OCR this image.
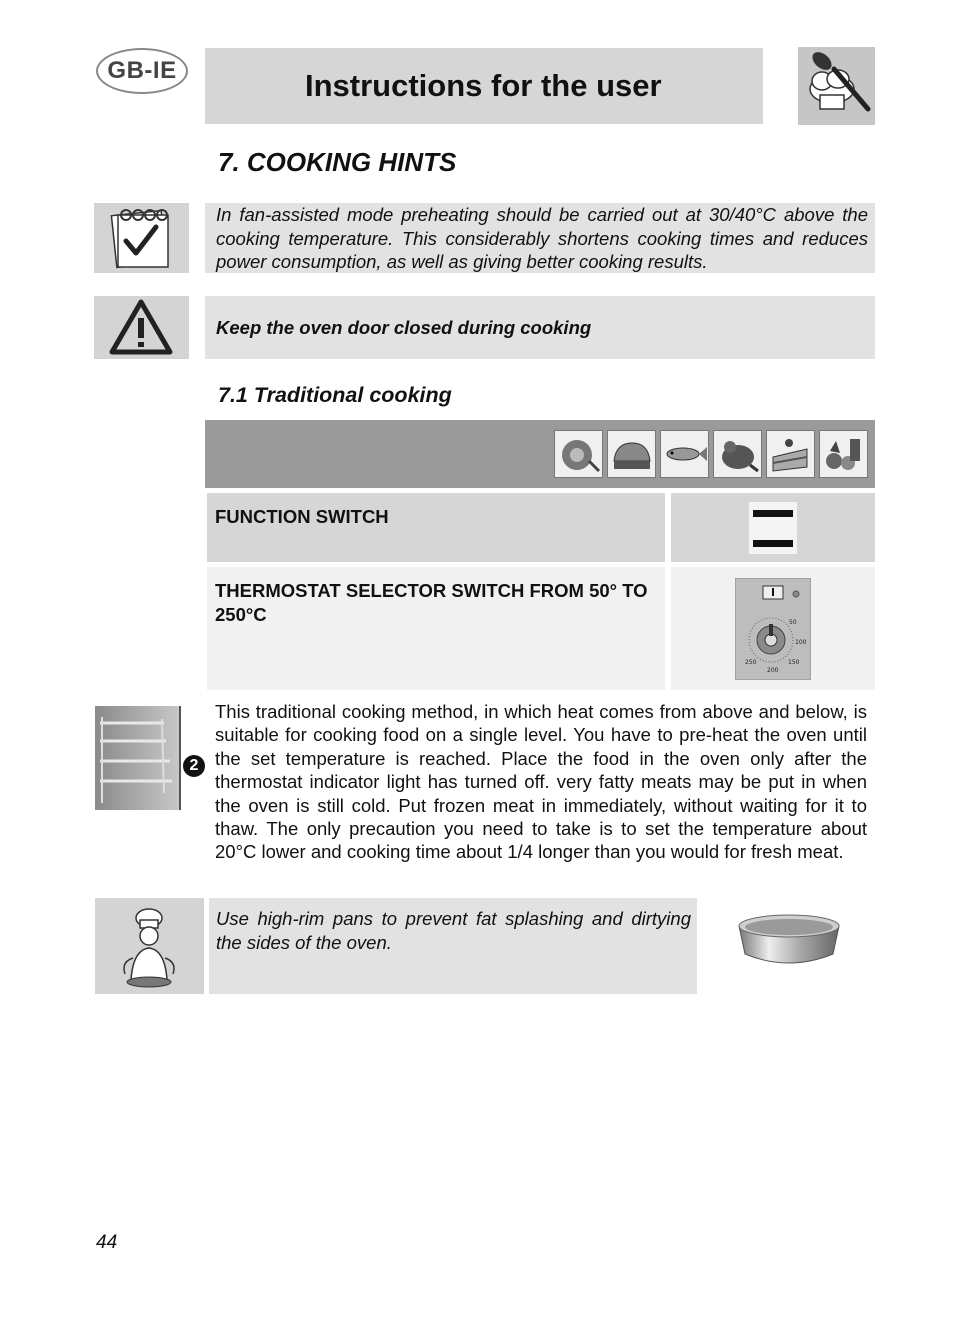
GB-IE	Instructions for the user
7. COOKING HINTS
In fan-assisted mode preheating should be carried out at 30/40°C above the cooking temperature. This considerably shortens cooking times and reduces power consumption, as well as giving better cooking results.
Keep the oven door closed during cooking
7.1 Traditional cooking
FUNCTION SWITCH
THERMOSTAT SELECTOR SWITCH FROM 50° TO 250°C	50
100
150
200
250
2
This traditional cooking method, in which heat comes from above and below, is suitable for cooking food on a single level. You have to pre-heat the oven until the set temperature is reached. Place the food in the oven only after the thermostat indicator light has turned off. very fatty meats may be put in when the oven is still cold. Put frozen meat in immediately, without waiting for it to thaw. The only precaution you need to take is to set the temperature about 20°C lower and cooking time about 1/4 longer than you would for fresh meat.
Use high-rim pans to prevent fat splashing and dirtying the sides of the oven.
44
